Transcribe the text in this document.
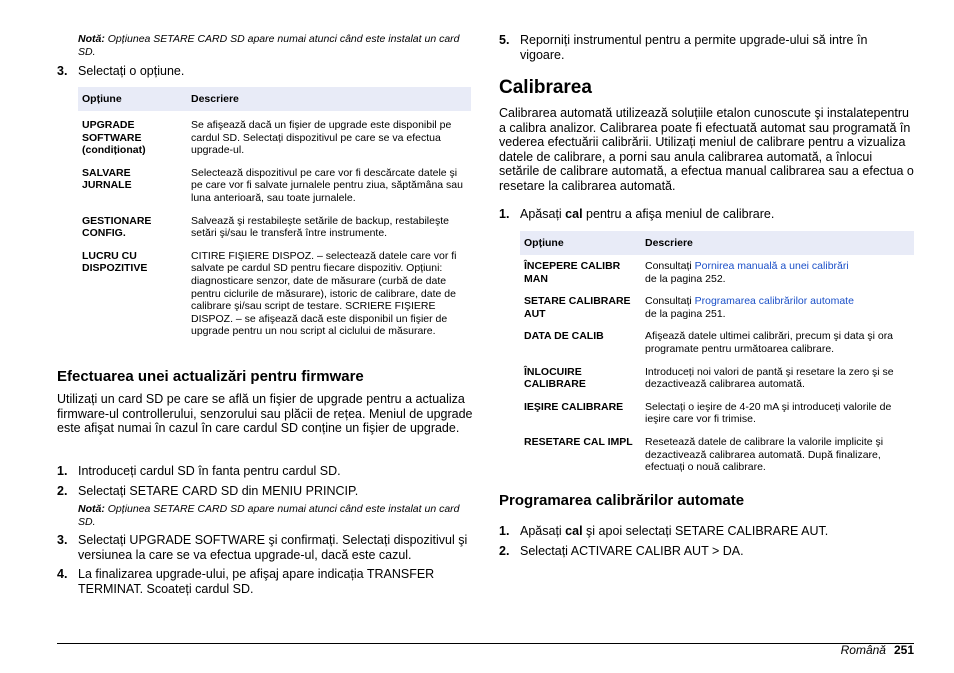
Notă: Opțiunea SETARE CARD SD apare numai atunci când este instalat un card SD.
3. Selectați o opțiune.
Opțiune	Descriere
UPGRADE SOFTWARE (condiționat)	Se afişează dacă un fişier de upgrade este disponibil pe cardul SD. Selectați dispozitivul pe care se va efectua upgrade-ul.
SALVARE JURNALE	Selectează dispozitivul pe care vor fi descărcate datele şi pe care vor fi salvate jurnalele pentru ziua, săptămâna sau luna anterioară, sau toate jurnalele.
GESTIONARE CONFIG.	Salvează şi restabileşte setările de backup, restabileşte setări şi/sau le transferă între instrumente.
LUCRU CU DISPOZITIVE	CITIRE FIŞIERE DISPOZ. – selectează datele care vor fi salvate pe cardul SD pentru fiecare dispozitiv. Opțiuni: diagnosticare senzor, date de măsurare (curbă de date pentru ciclurile de măsurare), istoric de calibrare, date de calibrare şi/sau script de testare. SCRIERE FIŞIERE DISPOZ. – se afişează dacă este disponibil un fişier de upgrade pentru un nou script al ciclului de măsurare.
Efectuarea unei actualizări pentru firmware
Utilizați un card SD pe care se află un fişier de upgrade pentru a actualiza firmware-ul controllerului, senzorului sau plăcii de rețea. Meniul de upgrade este afişat numai în cazul în care cardul SD conține un fişier de upgrade.
1. Introduceți cardul SD în fanta pentru cardul SD.
2. Selectați SETARE CARD SD din MENIU PRINCIP.
Notă: Opțiunea SETARE CARD SD apare numai atunci când este instalat un card SD.
3. Selectați UPGRADE SOFTWARE şi confirmați. Selectați dispozitivul şi versiunea la care se va efectua upgrade-ul, dacă este cazul.
4. La finalizarea upgrade-ului, pe afişaj apare indicația TRANSFER TERMINAT. Scoateți cardul SD.
5. Reporniți instrumentul pentru a permite upgrade-ului să intre în vigoare.
Calibrarea
Calibrarea automată utilizează soluțiile etalon cunoscute şi instalatepentru a calibra analizor. Calibrarea poate fi efectuată automat sau programată în vederea efectuării calibrării. Utilizați meniul de calibrare pentru a vizualiza datele de calibrare, a porni sau anula calibrarea automată, a înlocui setările de calibrare automată, a efectua manual calibrarea sau a efectua o resetare la calibrarea automată.
1. Apăsați cal pentru a afişa meniul de calibrare.
Opțiune	Descriere
ÎNCEPERE CALIBR MAN	Consultați Pornirea manuală a unei calibrări
de la pagina 252.
SETARE CALIBRARE AUT	Consultați Programarea calibrărilor automate
de la pagina 251.
DATA DE CALIB	Afişează datele ultimei calibrări, precum şi data şi ora programate pentru următoarea calibrare.
ÎNLOCUIRE CALIBRARE	Introduceți noi valori de pantă şi resetare la zero şi se dezactivează calibrarea automată.
IEŞIRE CALIBRARE	Selectați o ieşire de 4-20 mA şi introduceți valorile de ieşire care vor fi trimise.
RESETARE CAL IMPL	Resetează datele de calibrare la valorile implicite şi dezactivează calibrarea automată. După finalizare, efectuați o nouă calibrare.
Programarea calibrărilor automate
1. Apăsați cal şi apoi selectați SETARE CALIBRARE AUT.
2. Selectați ACTIVARE CALIBR AUT > DA.
Română 251
